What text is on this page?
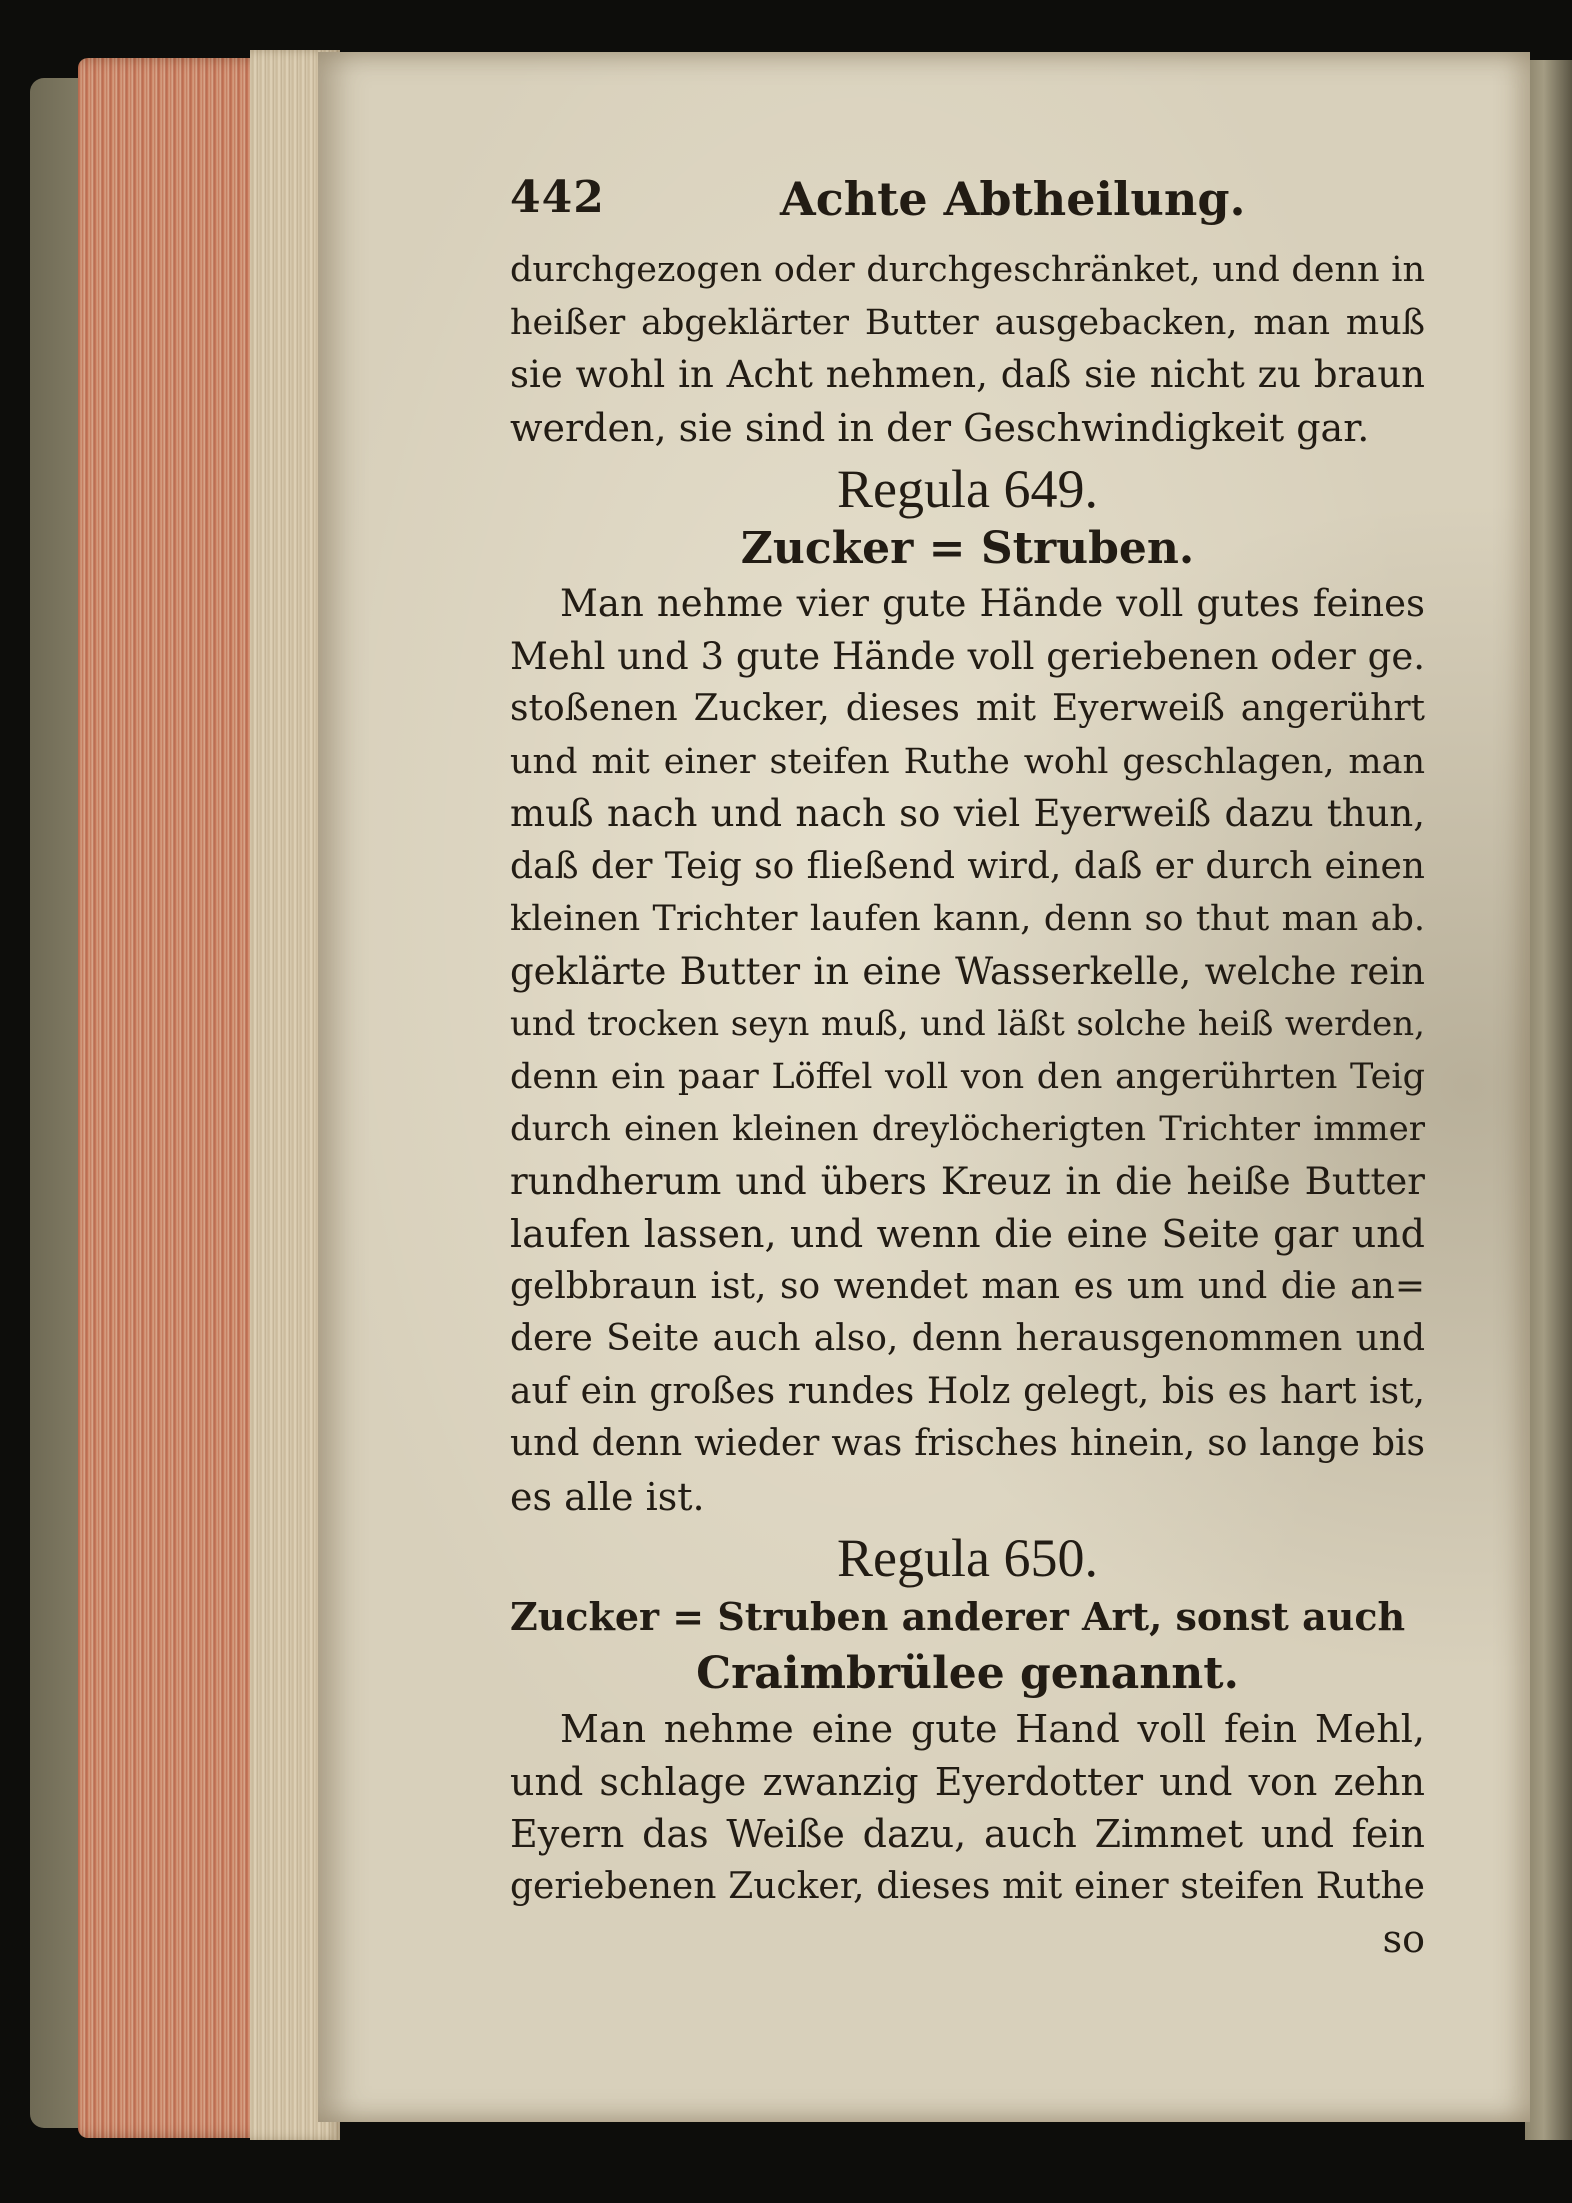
442	Achte Abtheilung.
durchgezogen oder durchgeschränket, und denn in
heißer abgeklärter Butter ausgebacken, man muß
sie wohl in Acht nehmen, daß sie nicht zu braun
werden, sie sind in der Geschwindigkeit gar.
Regula 649.
Zucker = Struben.
Man nehme vier gute Hände voll gutes feines
Mehl und 3 gute Hände voll geriebenen oder ge.
stoßenen Zucker, dieses mit Eyerweiß angerührt
und mit einer steifen Ruthe wohl geschlagen, man
muß nach und nach so viel Eyerweiß dazu thun,
daß der Teig so fließend wird, daß er durch einen
kleinen Trichter laufen kann, denn so thut man ab.
geklärte Butter in eine Wasserkelle, welche rein
und trocken seyn muß, und läßt solche heiß werden,
denn ein paar Löffel voll von den angerührten Teig
durch einen kleinen dreylöcherigten Trichter immer
rundherum und übers Kreuz in die heiße Butter
laufen lassen, und wenn die eine Seite gar und
gelbbraun ist, so wendet man es um und die an=
dere Seite auch also, denn herausgenommen und
auf ein großes rundes Holz gelegt, bis es hart ist,
und denn wieder was frisches hinein, so lange bis
es alle ist.
Regula 650.
Zucker = Struben anderer Art, sonst auch
Craimbrülee genannt.
Man nehme eine gute Hand voll fein Mehl,
und schlage zwanzig Eyerdotter und von zehn
Eyern das Weiße dazu, auch Zimmet und fein
geriebenen Zucker, dieses mit einer steifen Ruthe
so
